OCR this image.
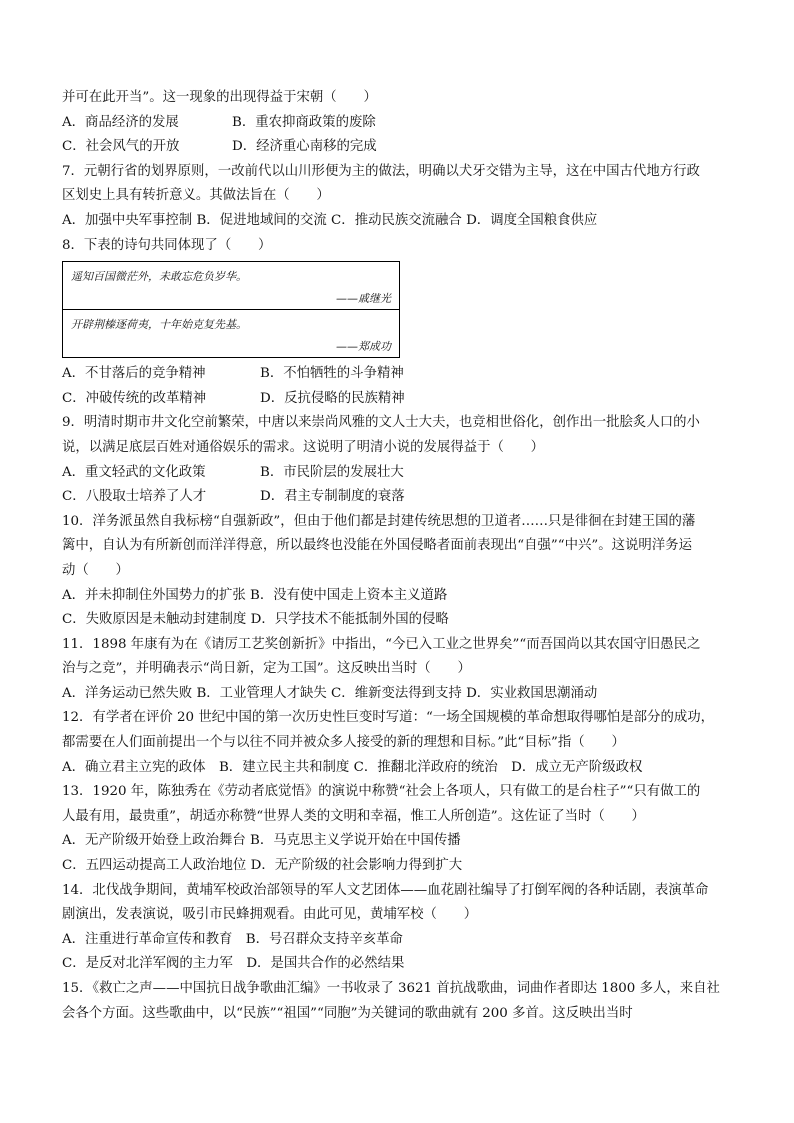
并可在此开当”。这一现象的出现得益于宋朝（　　）
A．商品经济的发展	B．重农抑商政策的废除
C．社会风气的开放	D．经济重心南移的完成
7．元朝行省的划界原则，一改前代以山川形便为主的做法，明确以犬牙交错为主导，这在中国古代地方行政
区划史上具有转折意义。其做法旨在（　　）
A．加强中央军事控制 B．促进地域间的交流 C．推动民族交流融合 D．调度全国粮食供应
8．下表的诗句共同体现了（　　）
遥知百国微茫外，未敢忘危负岁华。
——戚继光
开辟荆榛逐荷夷，十年始克复先基。
——郑成功
A．不甘落后的竞争精神	B．不怕牺牲的斗争精神
C．冲破传统的改革精神	D．反抗侵略的民族精神
9．明清时期市井文化空前繁荣，中唐以来崇尚风雅的文人士大夫，也竞相世俗化，创作出一批脍炙人口的小
说，以满足底层百姓对通俗娱乐的需求。这说明了明清小说的发展得益于（　　）
A．重文轻武的文化政策	B．市民阶层的发展壮大
C．八股取士培养了人才	D．君主专制制度的衰落
10．洋务派虽然自我标榜“自强新政”，但由于他们都是封建传统思想的卫道者……只是徘徊在封建王国的藩
篱中，自认为有所新创而洋洋得意，所以最终也没能在外国侵略者面前表现出“自强”“中兴”。这说明洋务运
动（　　）
A．并未抑制住外国势力的扩张 B．没有使中国走上资本主义道路
C．失败原因是未触动封建制度 D．只学技术不能抵制外国的侵略
11．1898 年康有为在《请厉工艺奖创新折》中指出，“今已入工业之世界矣”“而吾国尚以其农国守旧愚民之
治与之竞”，并明确表示“尚日新，定为工国”。这反映出当时（　　）
A．洋务运动已然失败 B．工业管理人才缺失 C．维新变法得到支持 D．实业救国思潮涌动
12．有学者在评价 20 世纪中国的第一次历史性巨变时写道：“一场全国规模的革命想取得哪怕是部分的成功，
都需要在人们面前提出一个与以往不同并被众多人接受的新的理想和目标。”此“目标”指（　　）
A．确立君主立宪的政体　B．建立民主共和制度 C．推翻北洋政府的统治　D．成立无产阶级政权
13．1920 年，陈独秀在《劳动者底觉悟》的演说中称赞“社会上各项人，只有做工的是台柱子”“只有做工的
人最有用，最贵重”，胡适亦称赞“世界人类的文明和幸福，惟工人所创造”。这佐证了当时（　　）
A．无产阶级开始登上政治舞台 B．马克思主义学说开始在中国传播
C．五四运动提高工人政治地位 D．无产阶级的社会影响力得到扩大
14．北伐战争期间，黄埔军校政治部领导的军人文艺团体——血花剧社编导了打倒军阀的各种话剧，表演革命
剧演出，发表演说，吸引市民蜂拥观看。由此可见，黄埔军校（　　）
A．注重进行革命宣传和教育　B．号召群众支持辛亥革命
C．是反对北洋军阀的主力军　D．是国共合作的必然结果
15．《救亡之声——中国抗日战争歌曲汇编》一书收录了 3621 首抗战歌曲，词曲作者即达 1800 多人，来自社
会各个方面。这些歌曲中，以“民族”“祖国”“同胞”为关键词的歌曲就有 200 多首。这反映出当时
